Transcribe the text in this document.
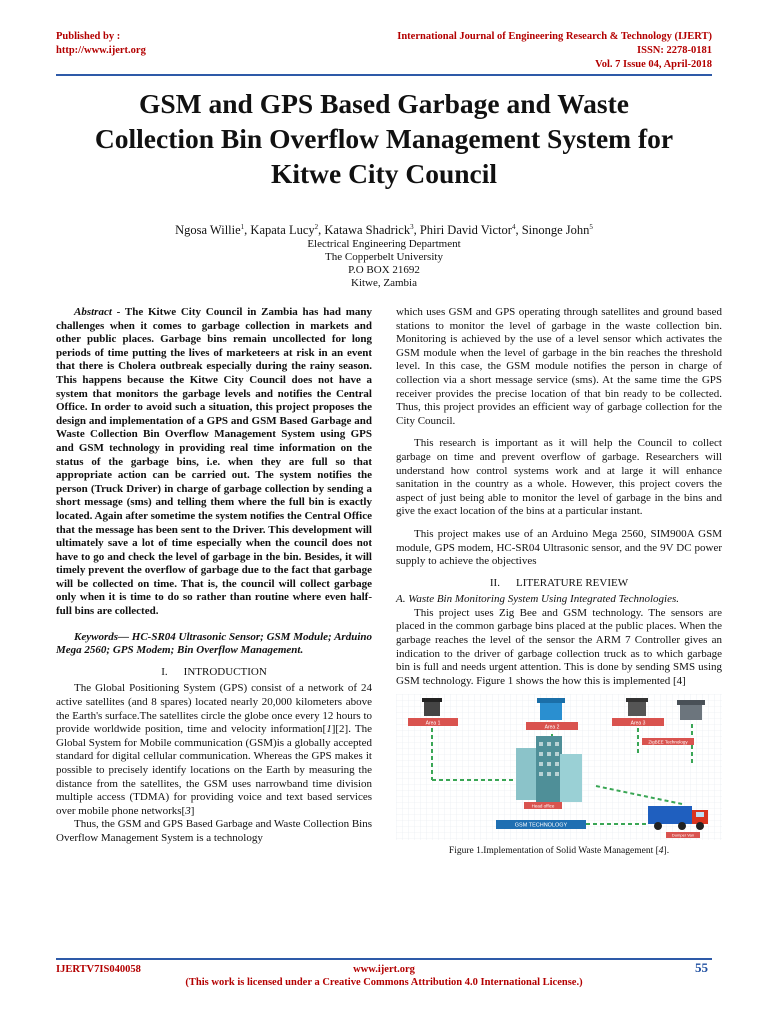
Published by :
http://www.ijert.org
International Journal of Engineering Research & Technology (IJERT)
ISSN: 2278-0181
Vol. 7 Issue 04, April-2018
GSM and GPS Based Garbage and Waste
Collection Bin Overflow Management System for
Kitwe City Council
Ngosa Willie$^1$, Kapata Lucy$^2$, Katawa Shadrick$^3$, Phiri David Victor$^4$, Sinonge John$^5$
Electrical Engineering Department
The Copperbelt University
P.O BOX 21692
Kitwe, Zambia

Abstract - The Kitwe City Council in Zambia has had many challenges when it comes to garbage collection in markets and other public places. Garbage bins remain uncollected for long periods of time putting the lives of marketeers at risk in an event that there is Cholera outbreak especially during the rainy season. This happens because the Kitwe City Council does not have a system that monitors the garbage levels and notifies the Central Office. In order to avoid such a situation, this project proposes the design and implementation of a GPS and GSM Based Garbage and Waste Collection Bin Overflow Management System using GPS and GSM technology in providing real time information on the status of the garbage bins, i.e. when they are full so that appropriate action can be carried out. The system notifies the person (Truck Driver) in charge of garbage collection by sending a short message (sms) and telling them where the full bin is exactly located. Again after sometime the system notifies the Central Office that the message has been sent to the Driver. This development will ultimately save a lot of time especially when the council does not have to go and check the level of garbage in the bin. Besides, it will timely prevent the overflow of garbage due to the fact that garbage will be collected on time. That is, the council will collect garbage only when it is time to do so rather than routine where even half-full bins are collected.

Keywords— HC-SR04 Ultrasonic Sensor; GSM Module; Arduino Mega 2560; GPS Modem; Bin Overflow Management.

I. INTRODUCTION

The Global Positioning System (GPS) consist of a network of 24 active satellites (and 8 spares) located nearly 20,000 kilometers above the Earth's surface.The satellites circle the globe once every 12 hours to provide worldwide position, time and velocity information[1][2]. The Global System for Mobile communication (GSM)is a globally accepted standard for digital cellular communication. Whereas the GPS makes it possible to precisely identify locations on the Earth by measuring the distance from the satellites, the GSM uses narrowband time division multiple access (TDMA) for providing voice and text based services over mobile phone networks[3]

Thus, the GSM and GPS Based Garbage and Waste Collection Bins Overflow Management System is a technology

which uses GSM and GPS operating through satellites and ground based stations to monitor the level of garbage in the waste collection bin. Monitoring is achieved by the use of a level sensor which activates the GSM module when the level of garbage in the bin reaches the threshold level. In this case, the GSM module notifies the person in charge of collection via a short message service (sms). At the same time the GPS receiver provides the precise location of that bin ready to be collected. Thus, this project provides an efficient way of garbage collection for the City Council.

This research is important as it will help the Council to collect garbage on time and prevent overflow of garbage. Researchers will understand how control systems work and at large it will enhance sanitation in the country as a whole. However, this project covers the aspect of just being able to monitor the level of garbage in the bins and give the exact location of the bins at a particular instant.

This project makes use of an Arduino Mega 2560, SIM900A GSM module, GPS modem, HC-SR04 Ultrasonic sensor, and the 9V DC power supply to achieve the objectives

II. LITERATURE REVIEW

A. Waste Bin Monitoring System Using Integrated Technologies.

This project uses Zig Bee and GSM technology. The sensors are placed in the common garbage bins placed at the public places. When the garbage reaches the level of the sensor the ARM 7 Controller gives an indication to the driver of garbage collection truck as to which garbage bin is full and needs urgent attention. This is done by sending SMS using GSM technology. Figure 1 shows the how this is implemented [4]

Area 1
Area 2
Area 3
ZigBEE Technology
Head office
GSM TECHNOLOGY
Dumper Van

Figure 1.Implementation of Solid Waste Management [4].

IJERTV7IS040058	www.ijert.org	55
(This work is licensed under a Creative Commons Attribution 4.0 International License.)
